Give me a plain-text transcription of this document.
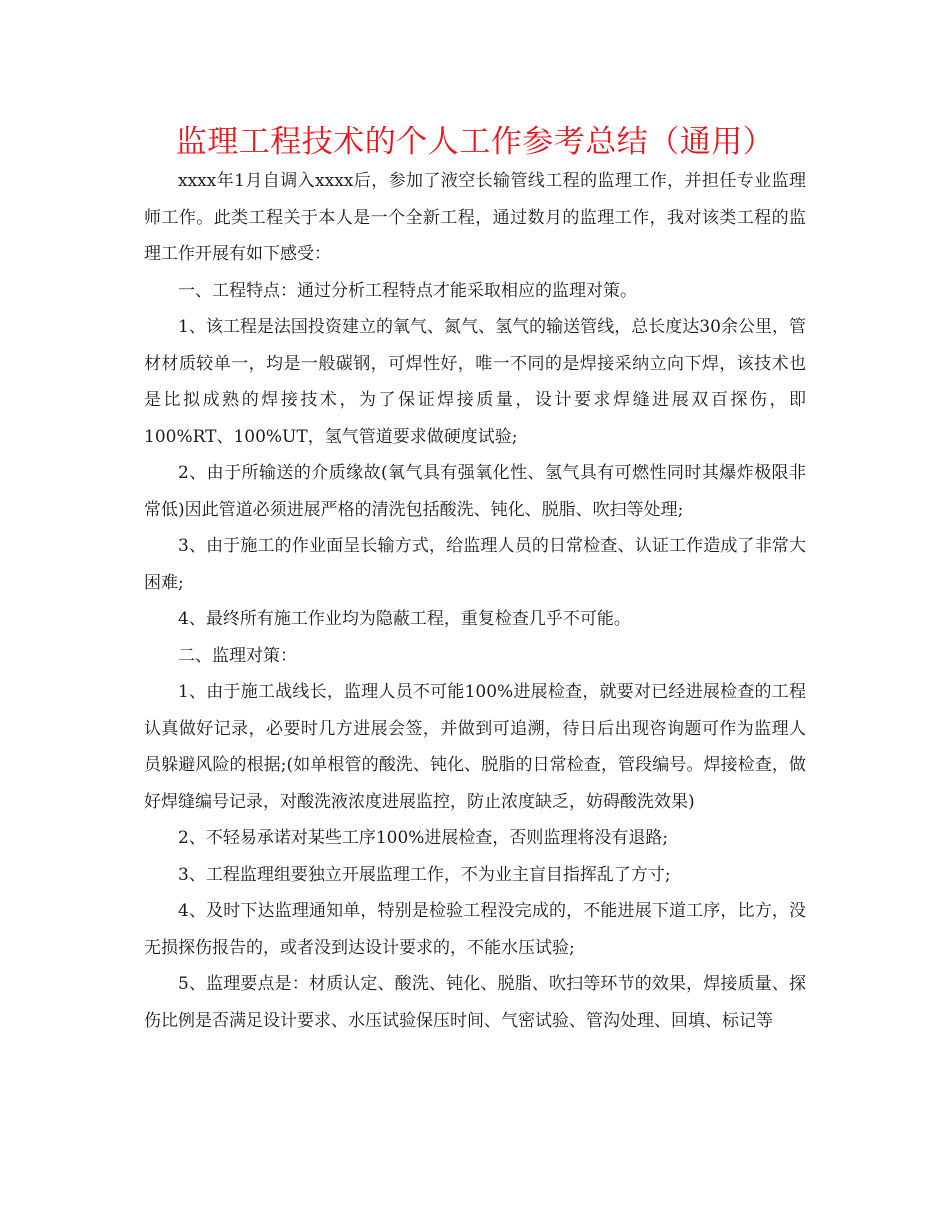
监理工程技术的个人工作参考总结（通用）

xxxx年1月自调入xxxx后，参加了液空长输管线工程的监理工作，并担任专业监理师工作。此类工程关于本人是一个全新工程，通过数月的监理工作，我对该类工程的监理工作开展有如下感受：

一、工程特点：通过分析工程特点才能采取相应的监理对策。

1、该工程是法国投资建立的氧气、氮气、氢气的输送管线，总长度达30余公里，管材材质较单一，均是一般碳钢，可焊性好，唯一不同的是焊接采纳立向下焊，该技术也是比拟成熟的焊接技术，为了保证焊接质量，设计要求焊缝进展双百探伤，即100%RT、100%UT，氢气管道要求做硬度试验;

2、由于所输送的介质缘故(氧气具有强氧化性、氢气具有可燃性同时其爆炸极限非常低)因此管道必须进展严格的清洗包括酸洗、钝化、脱脂、吹扫等处理;

3、由于施工的作业面呈长输方式，给监理人员的日常检查、认证工作造成了非常大困难;

4、最终所有施工作业均为隐蔽工程，重复检查几乎不可能。

二、监理对策：

1、由于施工战线长，监理人员不可能100%进展检查，就要对已经进展检查的工程认真做好记录，必要时几方进展会签，并做到可追溯，待日后出现咨询题可作为监理人员躲避风险的根据;(如单根管的酸洗、钝化、脱脂的日常检查，管段编号。焊接检查，做好焊缝编号记录，对酸洗液浓度进展监控，防止浓度缺乏，妨碍酸洗效果)

2、不轻易承诺对某些工序100%进展检查，否则监理将没有退路;

3、工程监理组要独立开展监理工作，不为业主盲目指挥乱了方寸;

4、及时下达监理通知单，特别是检验工程没完成的，不能进展下道工序，比方，没无损探伤报告的，或者没到达设计要求的，不能水压试验;

5、监理要点是：材质认定、酸洗、钝化、脱脂、吹扫等环节的效果，焊接质量、探伤比例是否满足设计要求、水压试验保压时间、气密试验、管沟处理、回填、标记等
